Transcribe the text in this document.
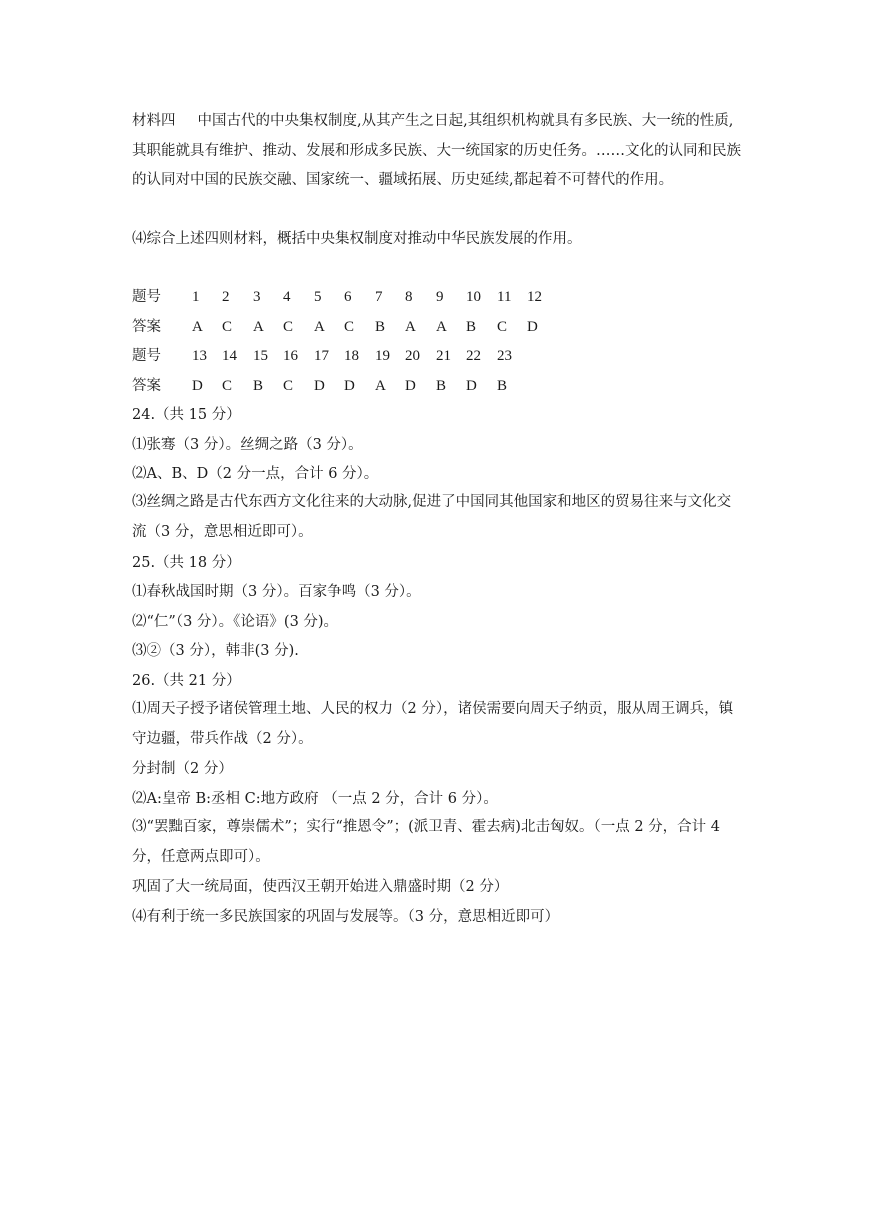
材料四 中国古代的中央集权制度,从其产生之日起,其组织机构就具有多民族、大一统的性质,其职能就具有维护、推动、发展和形成多民族、大一统国家的历史任务。……文化的认同和民族的认同对中国的民族交融、国家统一、疆域拓展、历史延续,都起着不可替代的作用。

⑷综合上述四则材料，概括中央集权制度对推动中华民族发展的作用。
题号 1 2 3 4 5 6 7 8 9 10 11 12
答案 A C A C A C B A A B C D
题号 13 14 15 16 17 18 19 20 21 22 23
答案 D C B C D D A D B D B
24.（共 15 分）
⑴张骞（3 分）。丝绸之路（3 分）。
⑵A、B、D（2 分一点，合计 6 分）。

⑶丝绸之路是古代东西方文化往来的大动脉,促进了中国同其他国家和地区的贸易往来与文化交流（3 分，意思相近即可）。

25.（共 18 分）
⑴春秋战国时期（3 分）。百家争鸣（3 分）。
⑵“仁”（3 分）。《论语》(3 分)。
⑶②（3 分），韩非(3 分).
26.（共 21 分）

⑴周天子授予诸侯管理土地、人民的权力（2 分），诸侯需要向周天子纳贡，服从周王调兵，镇守边疆，带兵作战（2 分）。

分封制（2 分）
⑵A:皇帝 B:丞相 C:地方政府 （一点 2 分，合计 6 分）。

⑶“罢黜百家，尊崇儒术”；实行“推恩令”；(派卫青、霍去病)北击匈奴。（一点 2 分，合计 4 分，任意两点即可）。

巩固了大一统局面，使西汉王朝开始进入鼎盛时期（2 分）
⑷有利于统一多民族国家的巩固与发展等。（3 分，意思相近即可）
